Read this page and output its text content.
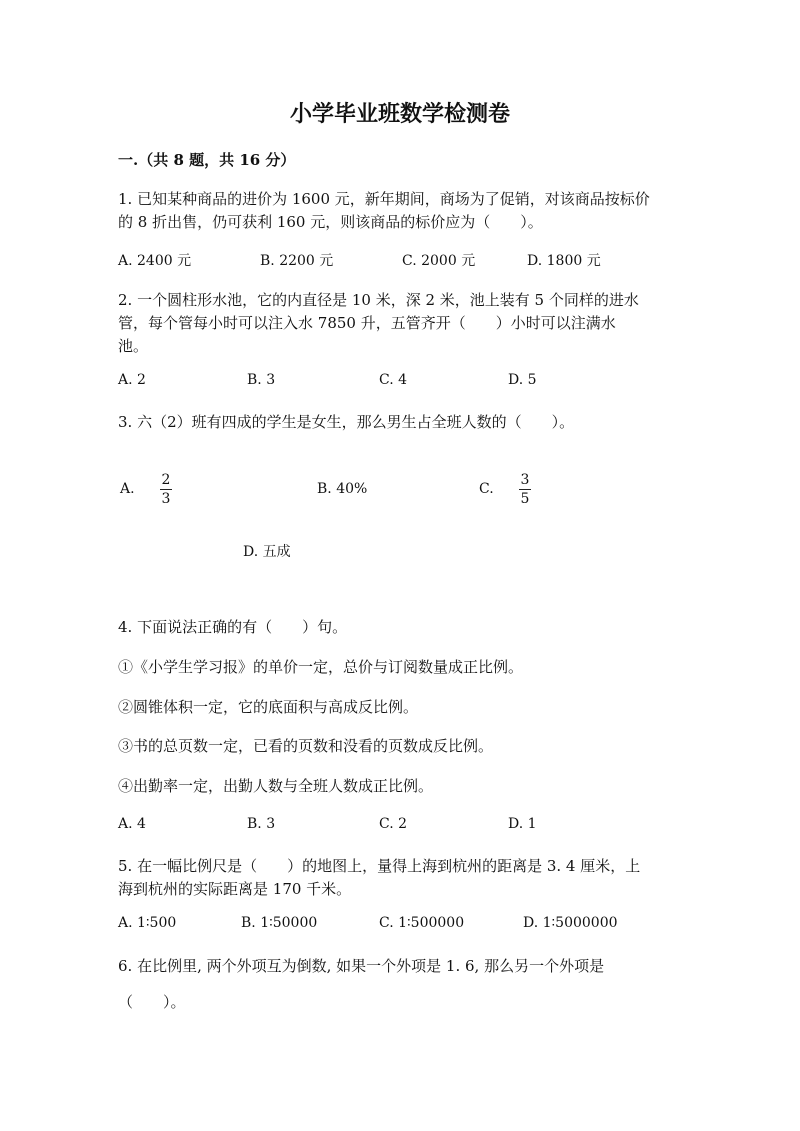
小学毕业班数学检测卷
一.（共 8 题，共 16 分）
1. 已知某种商品的进价为 1600 元，新年期间，商场为了促销，对该商品按标价
的 8 折出售，仍可获利 160 元，则该商品的标价应为（　　）。
A. 2400 元	B. 2200 元	C. 2000 元	D. 1800 元
2. 一个圆柱形水池，它的内直径是 10 米，深 2 米，池上装有 5 个同样的进水
管，每个管每小时可以注入水 7850 升，五管齐开（　　）小时可以注满水
池。
A. 2	B. 3	C. 4	D. 5
3. 六（2）班有四成的学生是女生，那么男生占全班人数的（　　）。
A.
2
3
B. 40%	C.
3
5
D. 五成
4. 下面说法正确的有（　　）句。
①《小学生学习报》的单价一定，总价与订阅数量成正比例。
②圆锥体积一定，它的底面积与高成反比例。
③书的总页数一定，已看的页数和没看的页数成反比例。
④出勤率一定，出勤人数与全班人数成正比例。
A. 4	B. 3	C. 2	D. 1
5. 在一幅比例尺是（　　）的地图上，量得上海到杭州的距离是 3. 4 厘米，上
海到杭州的实际距离是 170 千米。
A. 1∶500	B. 1∶50000	C. 1∶500000	D. 1∶5000000
6. 在比例里, 两个外项互为倒数, 如果一个外项是 1. 6, 那么另一个外项是
（　　）。
